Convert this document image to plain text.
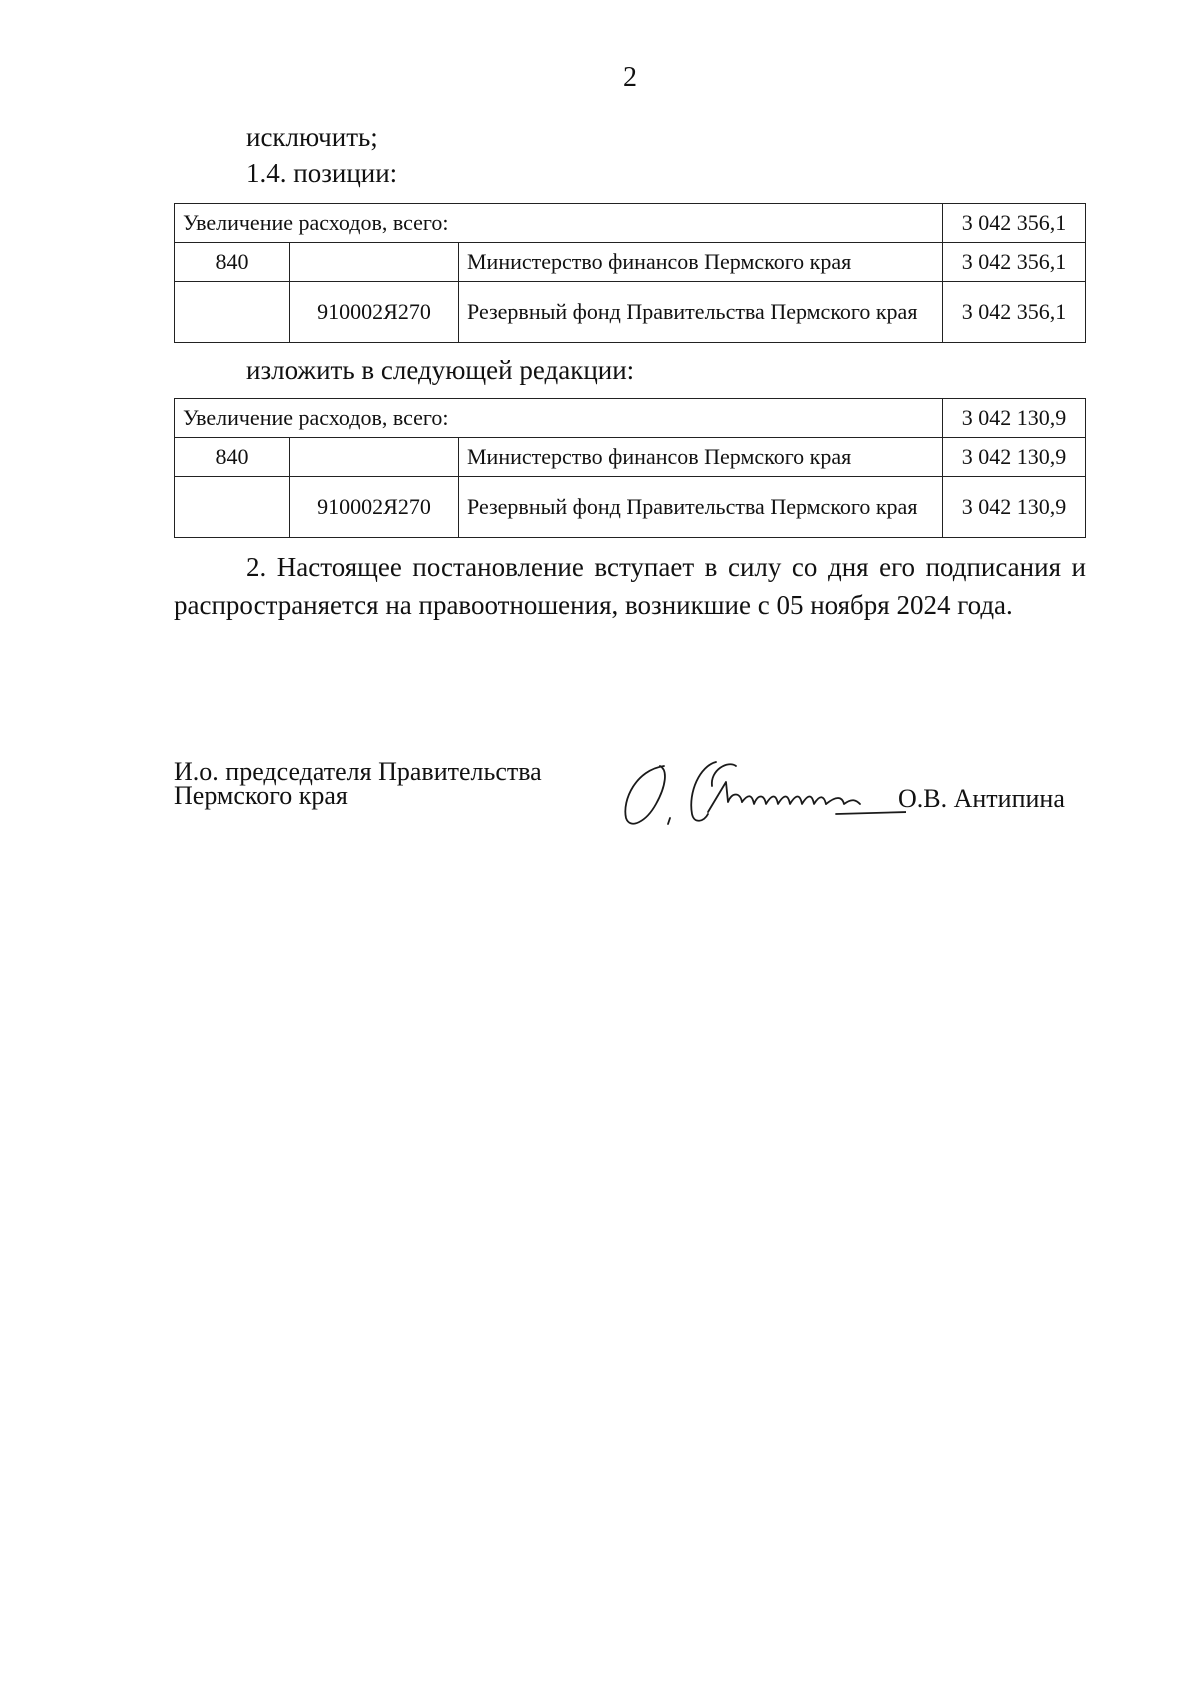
2
исключить;
1.4. позиции:
Увеличение расходов, всего:			3 042 356,1
840		Министерство финансов Пермского края	3 042 356,1
	910002Я270	Резервный фонд Правительства Пермского края	3 042 356,1
изложить в следующей редакции:
Увеличение расходов, всего:			3 042 130,9
840		Министерство финансов Пермского края	3 042 130,9
	910002Я270	Резервный фонд Правительства Пермского края	3 042 130,9
2. Настоящее постановление вступает в силу со дня его подписания и распространяется на правоотношения, возникшие с 05 ноября 2024 года.
И.о. председателя Правительства
Пермского края	О.В. Антипина
